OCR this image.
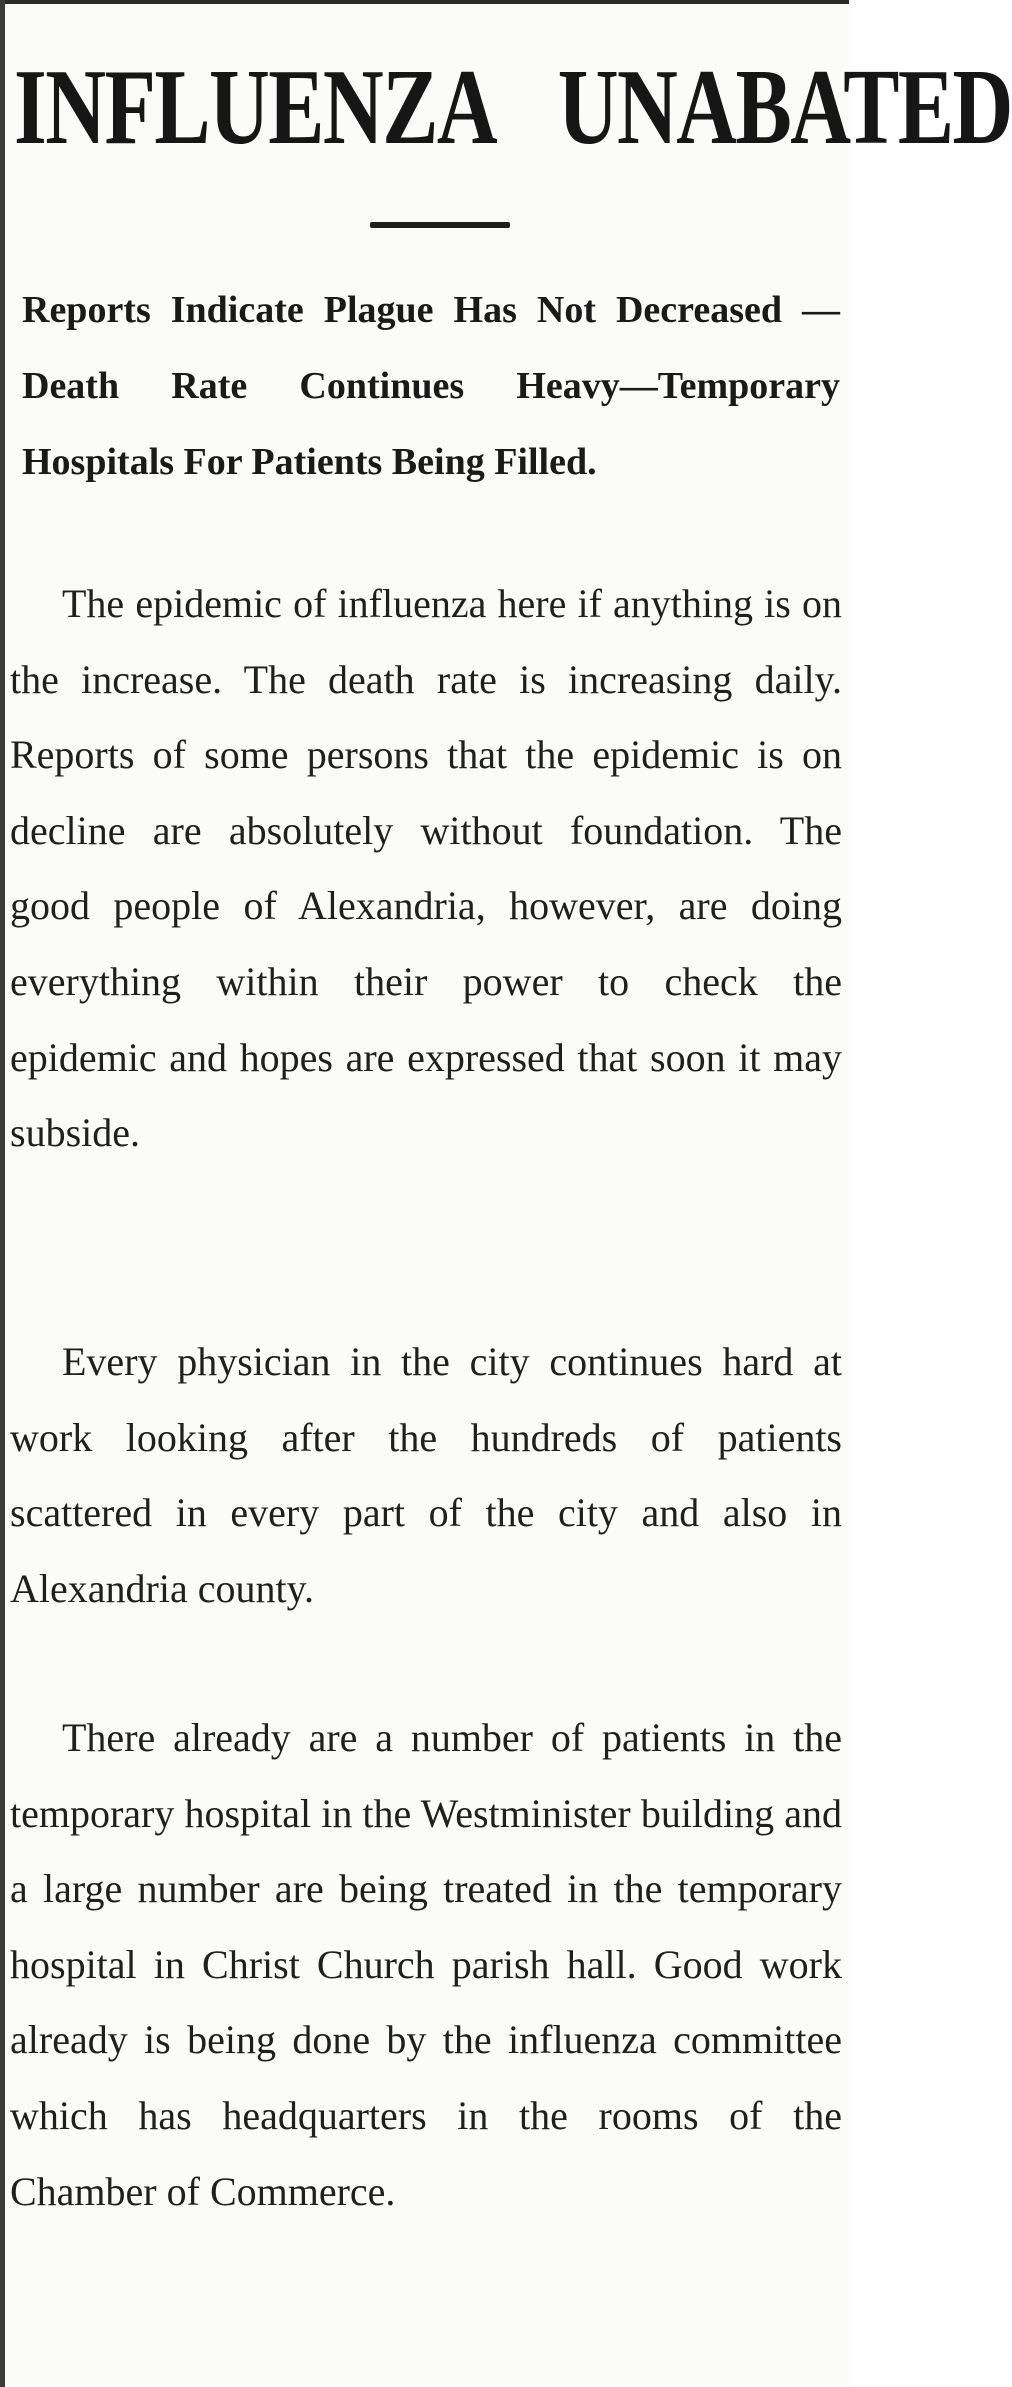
INFLUENZA UNABATED
Reports Indicate Plague Has Not Decreased — Death Rate Continues Heavy—Temporary Hospitals For Patients Being Filled.

The epidemic of influenza here if anything is on the increase. The death rate is increasing daily. Reports of some persons that the epidemic is on decline are absolutely without foundation. The good people of Alexandria, however, are doing everything within their power to check the epidemic and hopes are expressed that soon it may subside.

Every physician in the city continues hard at work looking after the hundreds of patients scattered in every part of the city and also in Alexandria county.

There already are a number of patients in the temporary hospital in the Westminister building and a large number are being treated in the temporary hospital in Christ Church parish hall. Good work already is being done by the influenza committee which has headquarters in the rooms of the Chamber of Commerce.
